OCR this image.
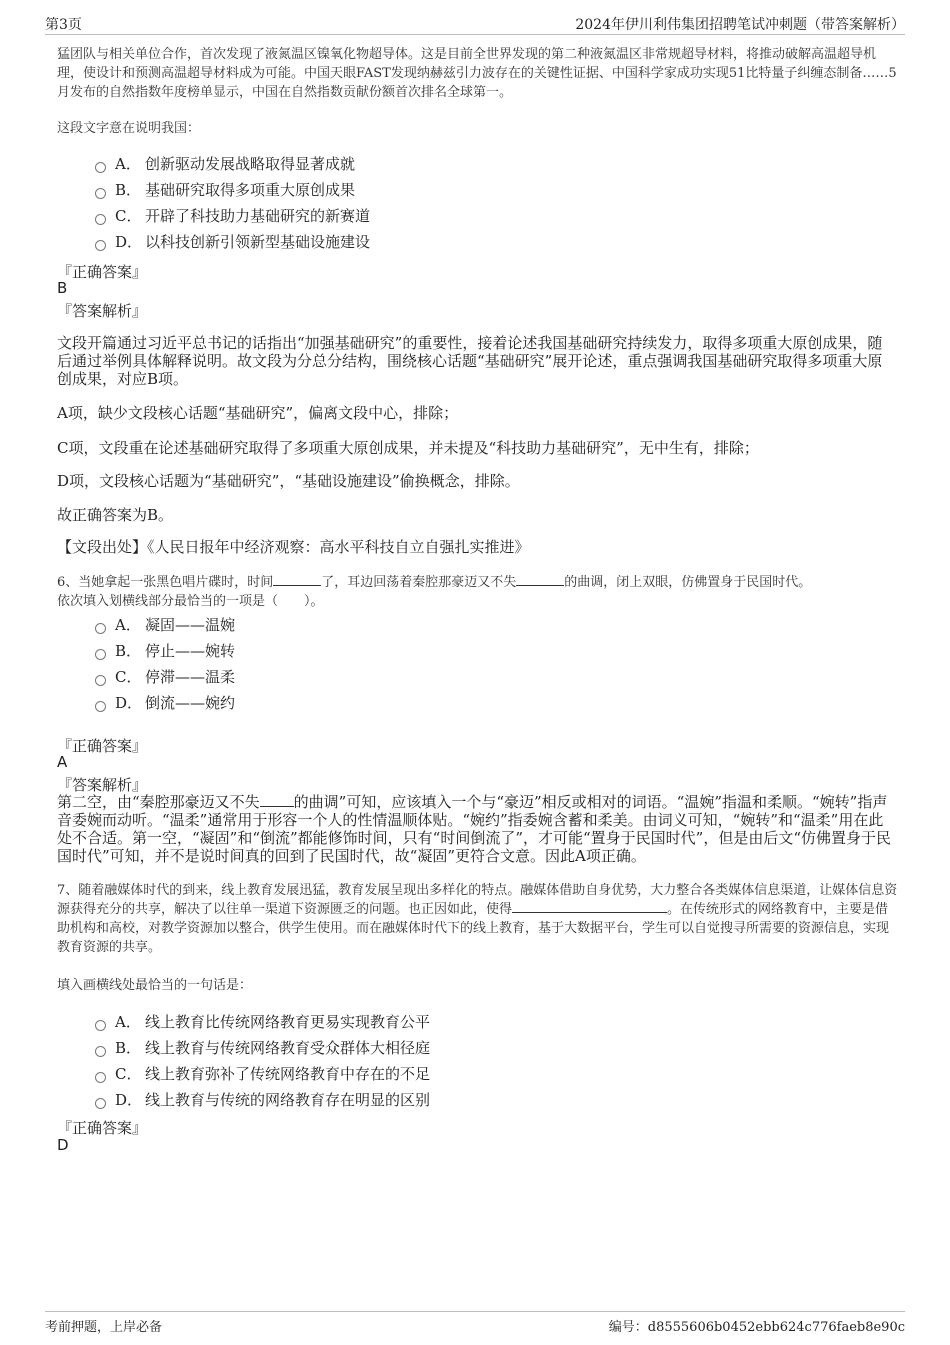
第3页	2024年伊川利伟集团招聘笔试冲刺题（带答案解析）
猛团队与相关单位合作，首次发现了液氮温区镍氧化物超导体。这是目前全世界发现的第二种液氮温区非常规超导材料，将推动破解高温超导机理，使设计和预测高温超导材料成为可能。中国天眼FAST发现纳赫兹引力波存在的关键性证据、中国科学家成功实现51比特量子纠缠态制备……5月发布的自然指数年度榜单显示，中国在自然指数贡献份额首次排名全球第一。
这段文字意在说明我国：
A． 创新驱动发展战略取得显著成就
B． 基础研究取得多项重大原创成果
C． 开辟了科技助力基础研究的新赛道
D． 以科技创新引领新型基础设施建设
『正确答案』
B
『答案解析』
文段开篇通过习近平总书记的话指出“加强基础研究”的重要性，接着论述我国基础研究持续发力，取得多项重大原创成果，随后通过举例具体解释说明。故文段为分总分结构，围绕核心话题“基础研究”展开论述，重点强调我国基础研究取得多项重大原创成果，对应B项。
A项，缺少文段核心话题“基础研究”，偏离文段中心，排除；
C项，文段重在论述基础研究取得了多项重大原创成果，并未提及“科技助力基础研究”，无中生有，排除；
D项，文段核心话题为“基础研究”，“基础设施建设”偷换概念，排除。
故正确答案为B。
【文段出处】《人民日报年中经济观察：高水平科技自立自强扎实推进》
6、当她拿起一张黑色唱片碟时，时间	了，耳边回荡着秦腔那豪迈又不失	的曲调，闭上双眼，仿佛置身于民国时代。
依次填入划横线部分最恰当的一项是（　　）。
A． 凝固——温婉
B． 停止——婉转
C． 停滞——温柔
D． 倒流——婉约
『正确答案』
A
『答案解析』
第二空，由“秦腔那豪迈又不失 的曲调”可知，应该填入一个与“豪迈”相反或相对的词语。“温婉”指温和柔顺。“婉转”指声音委婉而动听。“温柔”通常用于形容一个人的性情温顺体贴。“婉约”指委婉含蓄和柔美。由词义可知，“婉转”和“温柔”用在此处不合适。第一空，“凝固”和“倒流”都能修饰时间，只有“时间倒流了”，才可能“置身于民国时代”，但是由后文“仿佛置身于民国时代”可知，并不是说时间真的回到了民国时代，故“凝固”更符合文意。因此A项正确。
7、随着融媒体时代的到来，线上教育发展迅猛，教育发展呈现出多样化的特点。融媒体借助自身优势，大力整合各类媒体信息渠道，让媒体信息资源获得充分的共享，解决了以往单一渠道下资源匮乏的问题。也正因如此，使得	。在传统形式的网络教育中，主要是借助机构和高校，对教学资源加以整合，供学生使用。而在融媒体时代下的线上教育，基于大数据平台，学生可以自觉搜寻所需要的资源信息，实现教育资源的共享。
填入画横线处最恰当的一句话是：
A． 线上教育比传统网络教育更易实现教育公平
B． 线上教育与传统网络教育受众群体大相径庭
C． 线上教育弥补了传统网络教育中存在的不足
D． 线上教育与传统的网络教育存在明显的区别
『正确答案』
D
考前押题，上岸必备	编号：d8555606b0452ebb624c776faeb8e90c
